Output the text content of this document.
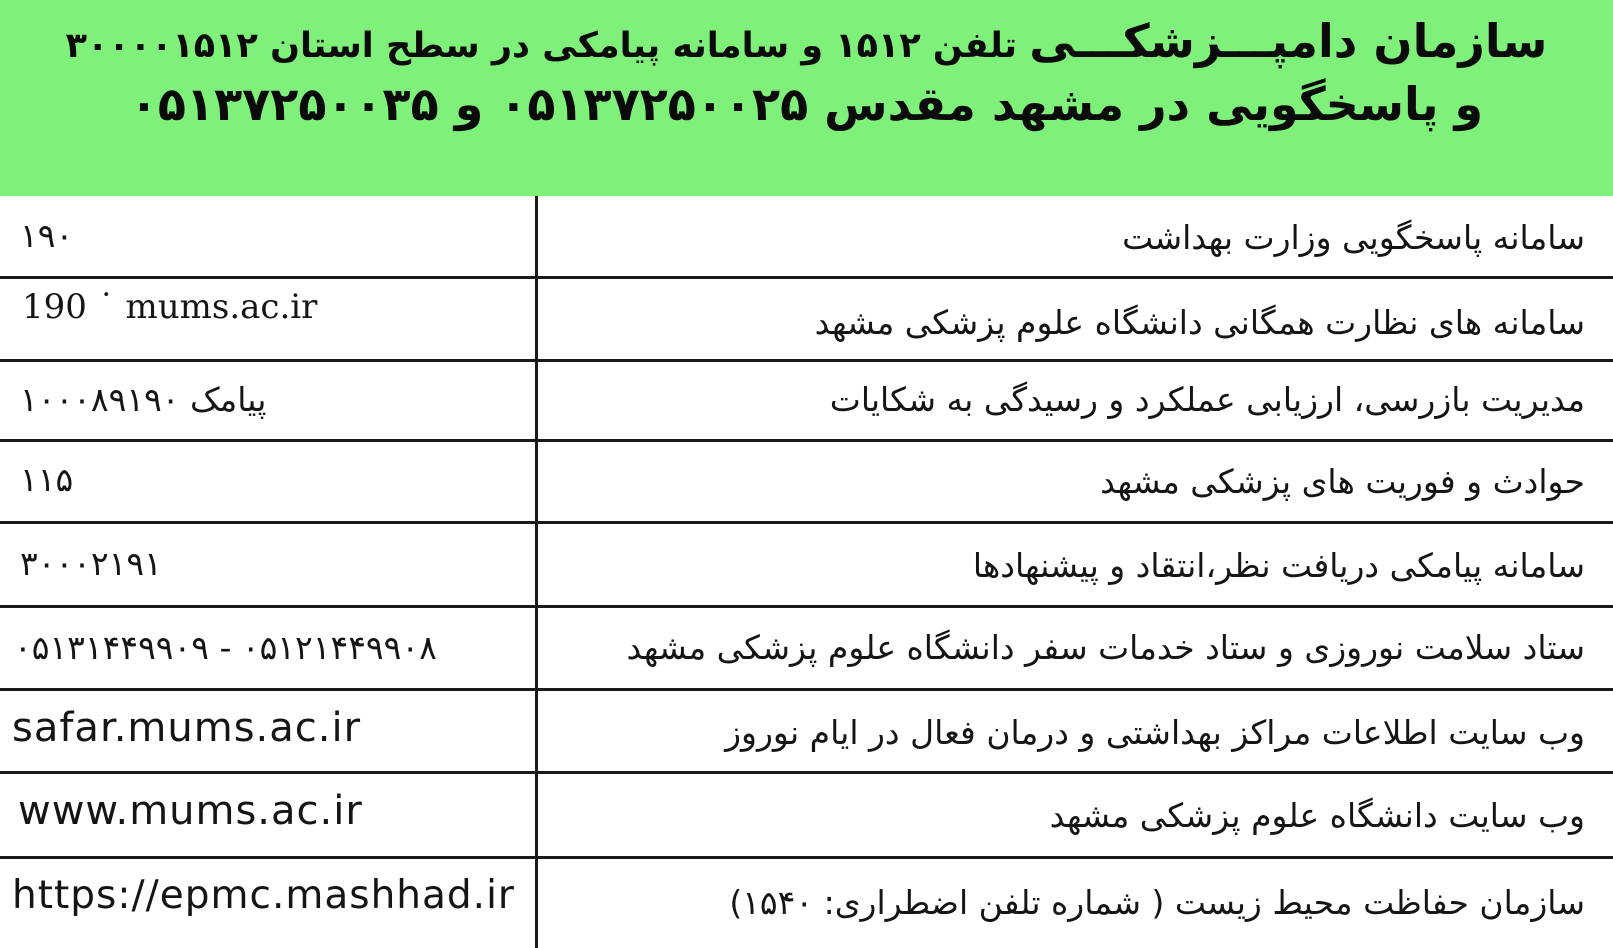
سازمان دامپـــزشکـــی تلفن ۱۵۱۲ و سامانه پیامکی در سطح استان ۳۰۰۰۰۱۵۱۲
و پاسخگویی در مشهد مقدس ۰۵۱۳۷۲۵۰۰۲۵ و ۰۵۱۳۷۲۵۰۰۳۵
سامانه پاسخگویی وزارت بهداشت
۱۹۰
سامانه های نظارت همگانی دانشگاه علوم پزشکی مشهد
190 ˙ mums.ac.ir
مدیریت بازرسی، ارزیابی عملکرد و رسیدگی به شکایات
پیامک ۱۰۰۰۸۹۱۹۰
حوادث و فوریت های پزشکی مشهد
۱۱۵
سامانه پیامکی دریافت نظر،انتقاد و پیشنهادها
۳۰۰۰۲۱۹۱
ستاد سلامت نوروزی و ستاد خدمات سفر دانشگاه علوم پزشکی مشهد
۰۵۱۳۱۴۴۹۹۰۹ - ۰۵۱۲۱۴۴۹۹۰۸
وب سایت اطلاعات مراکز بهداشتی و درمان فعال در ایام نوروز
safar.mums.ac.ir
وب سایت دانشگاه علوم پزشکی مشهد
www.mums.ac.ir
سازمان حفاظت محیط زیست ( شماره تلفن اضطراری: ۱۵۴۰)
https://epmc.mashhad.ir
